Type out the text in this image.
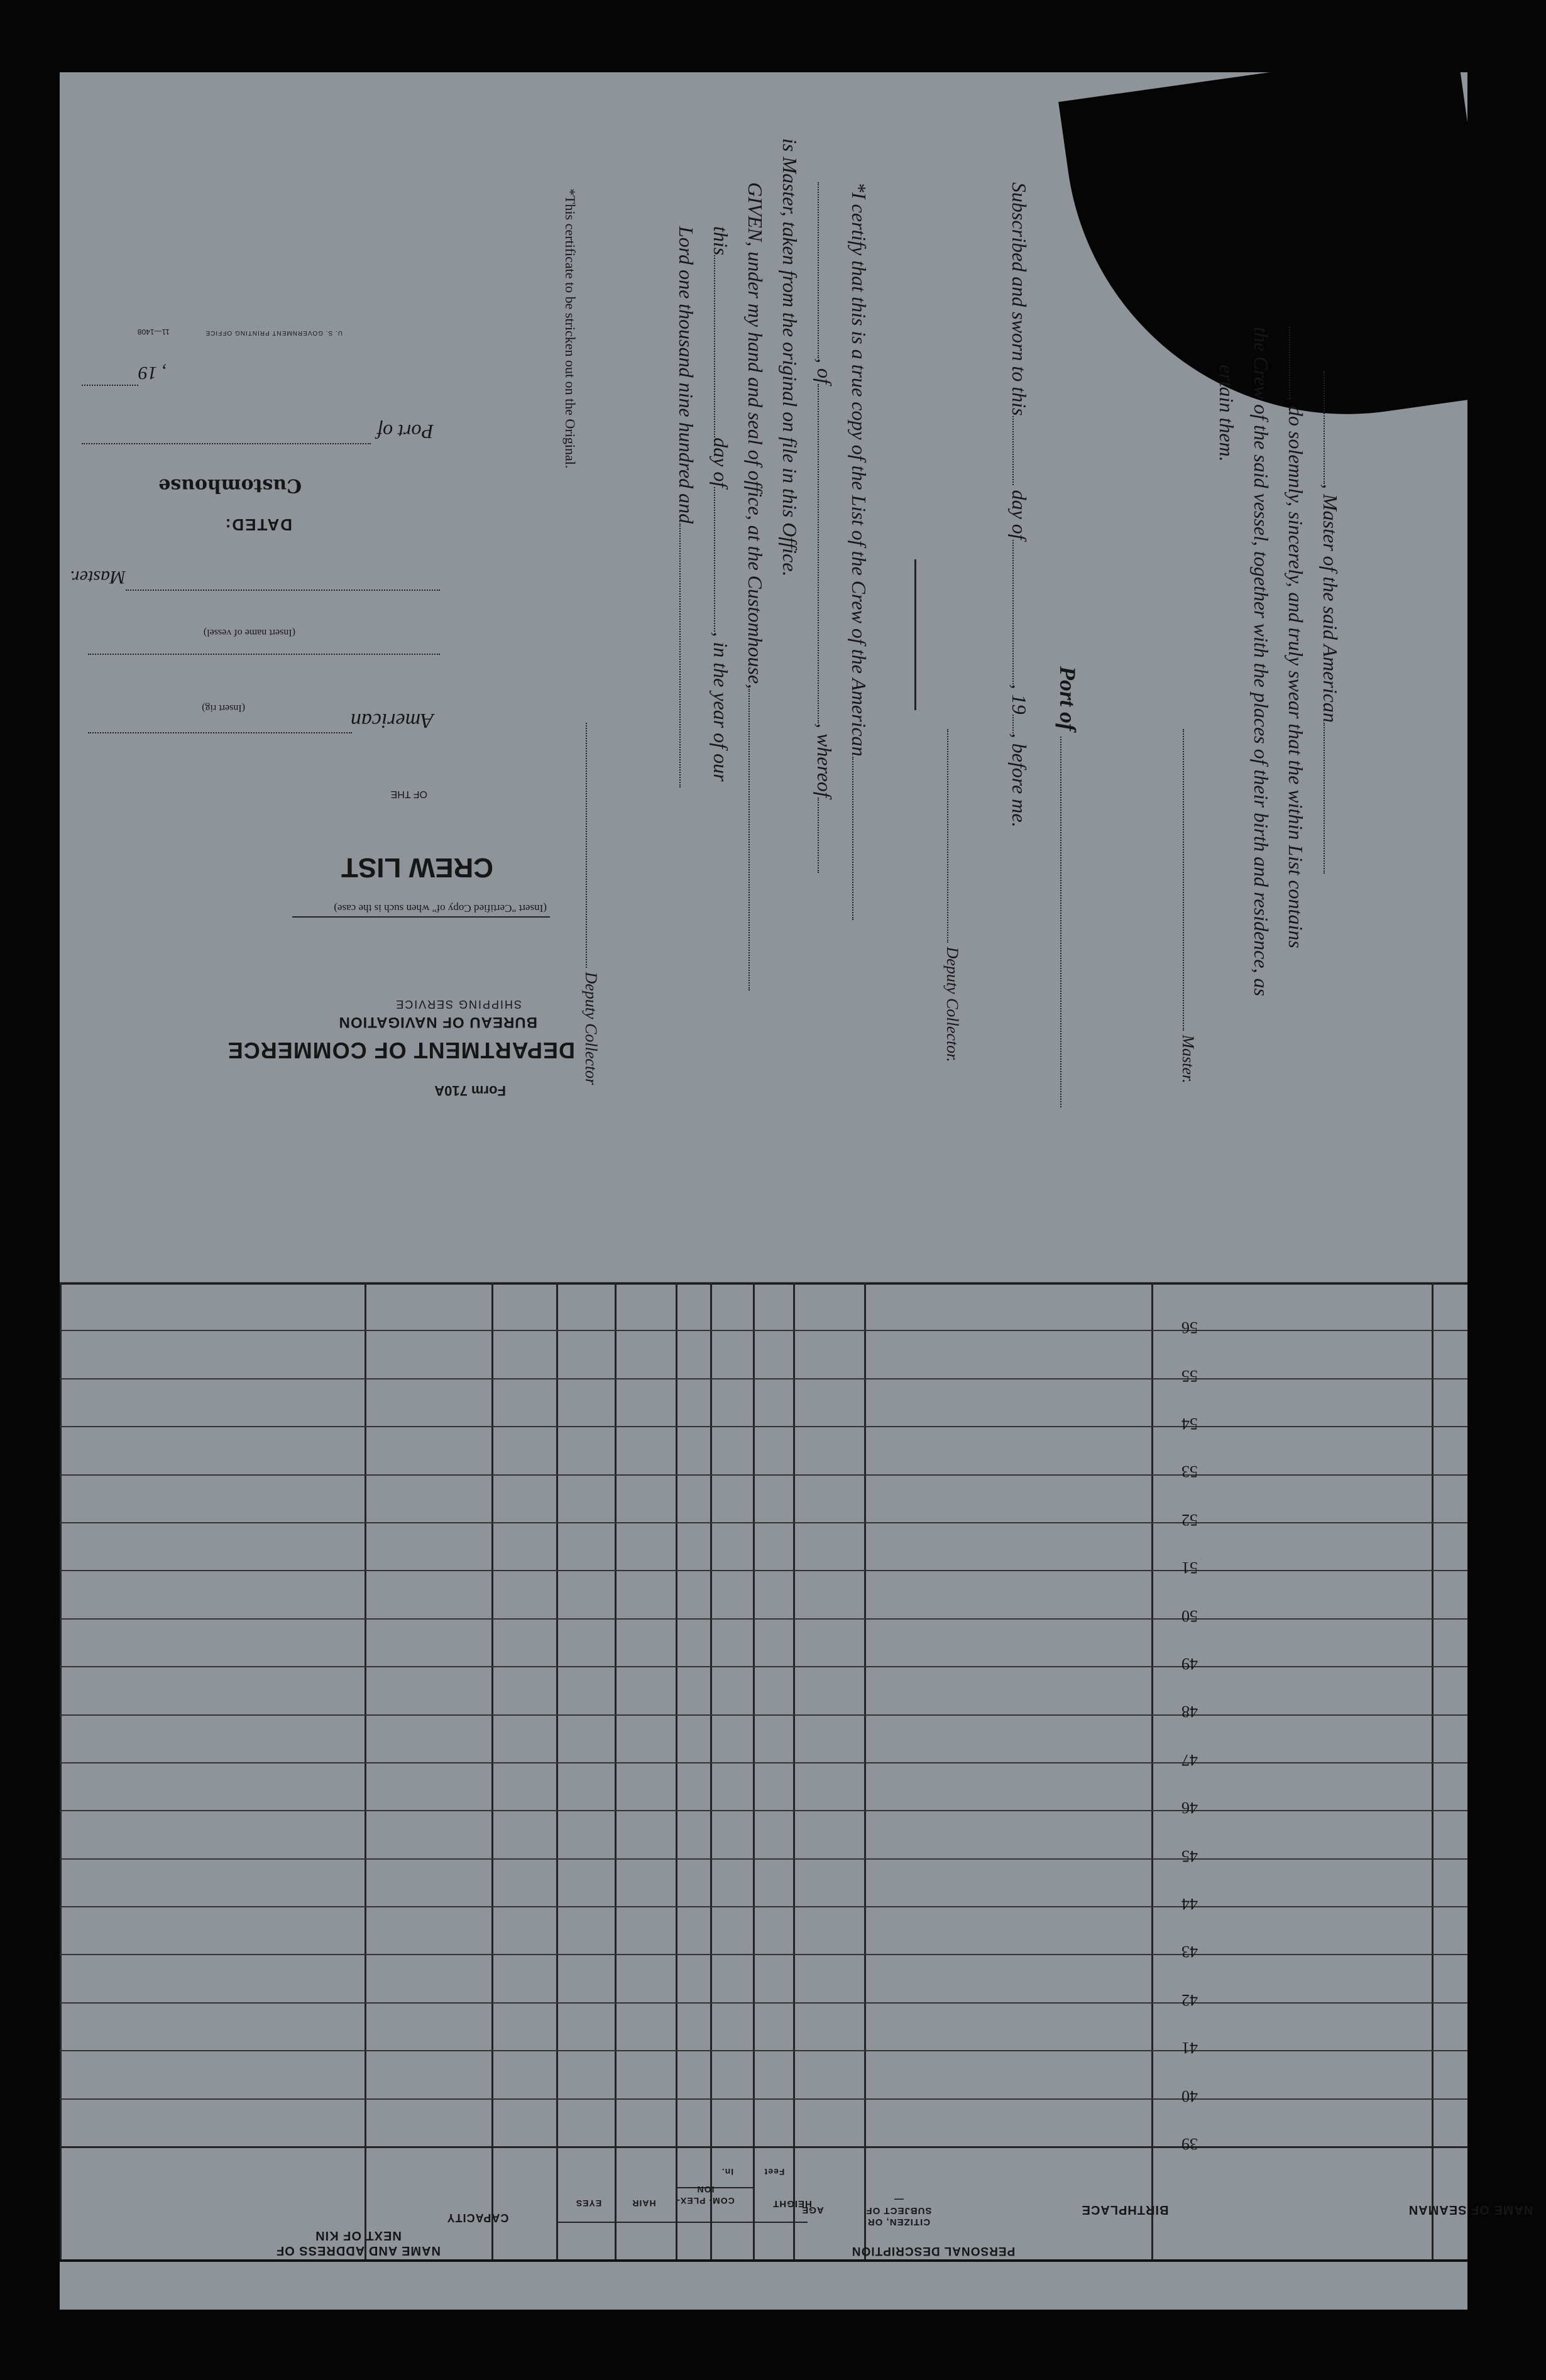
, Master of the said American
, do solemnly, sincerely, and truly swear that the within List contains
the Crew of the said vessel, together with the places of their birth and residence, as
ertain them.
Master.
Port of
Subscribed and sworn to this day of, 19, before me.
Deputy Collector.
*I certify that this is a true copy of the List of the Crew of the American
, of, whereof
is Master, taken from the original on file in this Office.
GIVEN, under my hand and seal of office, at the Customhouse,
thisday of, in the year of our
Lord one thousand nine hundred and
Deputy Collector
*This certificate to be stricken out on the Original.
Form 710A
DEPARTMENT OF COMMERCE
BUREAU OF NAVIGATION
SHIPPING SERVICE
(Insert "Certified Copy of" when such is the case)
CREW LIST
OF THE
American
(Insert rig)
(Insert name of vessel)
Master.
DATED:
Customhouse
Port of
, 19
U. S. GOVERNMENT PRINTING OFFICE
11—1408
NAME OF SEAMAN
BIRTHPLACE
CITIZEN, OR SUBJECT OF—
AGE
PERSONAL DESCRIPTION
HEIGHT
Feet
In.
COM- PLEX- ION
HAIR
EYES
CAPACITY
NAME AND ADDRESS OF NEXT OF KIN
39
40
41
42
43
44
45
46
47
48
49
50
51
52
53
54
55
56
